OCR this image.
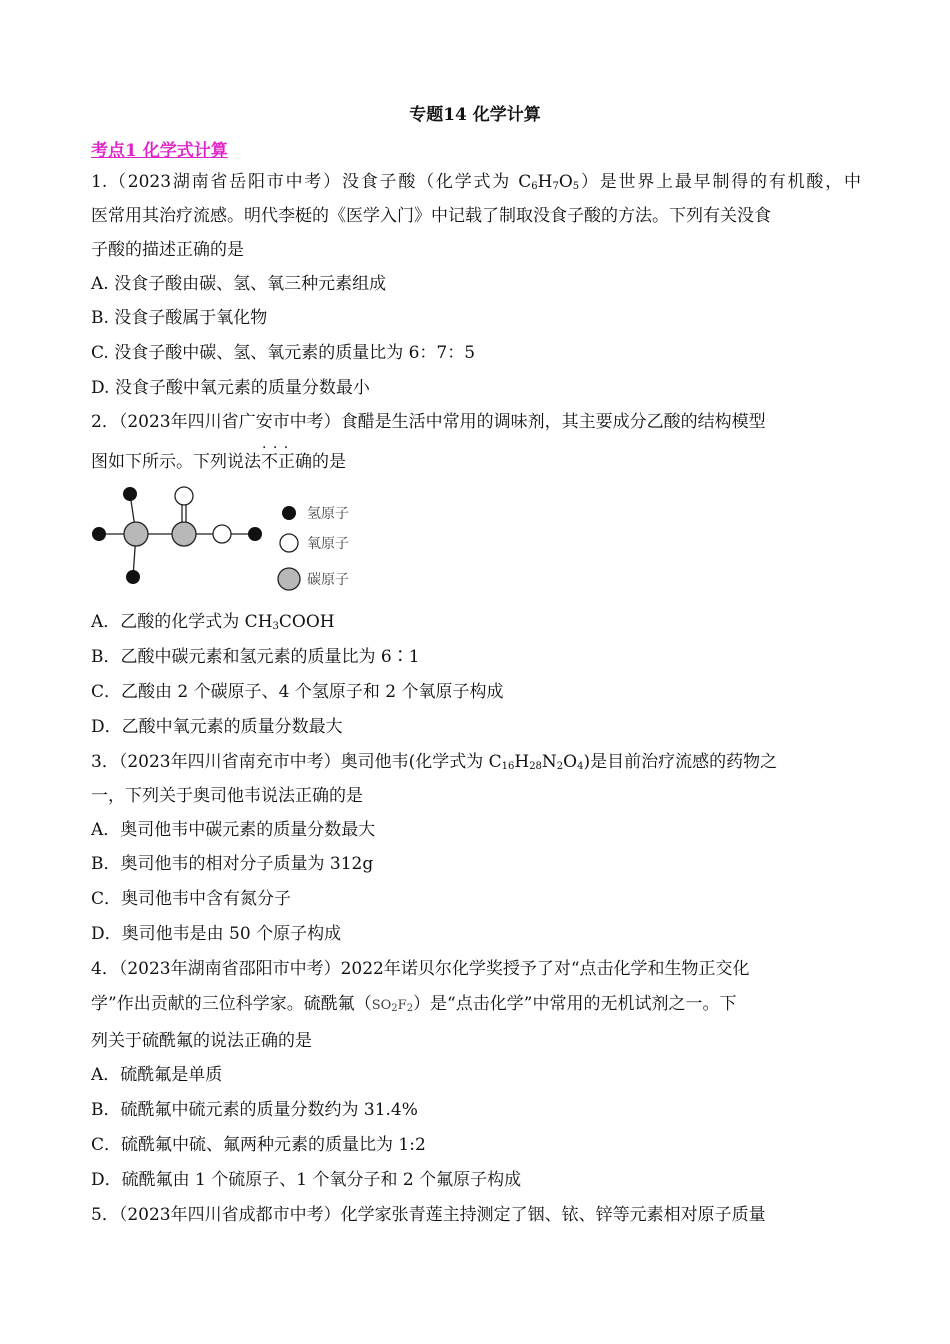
专题14 化学计算
考点1 化学式计算
1.（2023湖南省岳阳市中考）没食子酸（化学式为 $C_6H_7O_5$）是世界上最早制得的有机酸，中
医常用其治疗流感。明代李梃的《医学入门》中记载了制取没食子酸的方法。下列有关没食
子酸的描述正确的是
A. 没食子酸由碳、氢、氧三种元素组成
B. 没食子酸属于氧化物
C. 没食子酸中碳、氢、氧元素的质量比为 6：7：5
D. 没食子酸中氧元素的质量分数最小
2．（2023年四川省广安市中考）食醋是生活中常用的调味剂，其主要成分乙酸的结构模型
图如下所示。下列说法· · · 不正确的是
氢原子
氧原子
碳原子
A．乙酸的化学式为 $CH_3COOH$
B．乙酸中碳元素和氢元素的质量比为 6∶1
C．乙酸由 2 个碳原子、4 个氢原子和 2 个氧原子构成
D．乙酸中氧元素的质量分数最大
3．（2023年四川省南充市中考）奥司他韦(化学式为 $C_{16}H_{28}N_2O_4$)是目前治疗流感的药物之
一，下列关于奥司他韦说法正确的是
A．奥司他韦中碳元素的质量分数最大
B．奥司他韦的相对分子质量为 312g
C．奥司他韦中含有氮分子
D．奥司他韦是由 50 个原子构成
4．（2023年湖南省邵阳市中考）2022年诺贝尔化学奖授予了对“点击化学和生物正交化
学”作出贡献的三位科学家。硫酰氟$(SO_2F_2)$是“点击化学”中常用的无机试剂之一。下
列关于硫酰氟的说法正确的是
A．硫酰氟是单质
B．硫酰氟中硫元素的质量分数约为 31.4%
C．硫酰氟中硫、氟两种元素的质量比为 1:2
D．硫酰氟由 1 个硫原子、1 个氧分子和 2 个氟原子构成
5．（2023年四川省成都市中考）化学家张青莲主持测定了铟、铱、锌等元素相对原子质量
